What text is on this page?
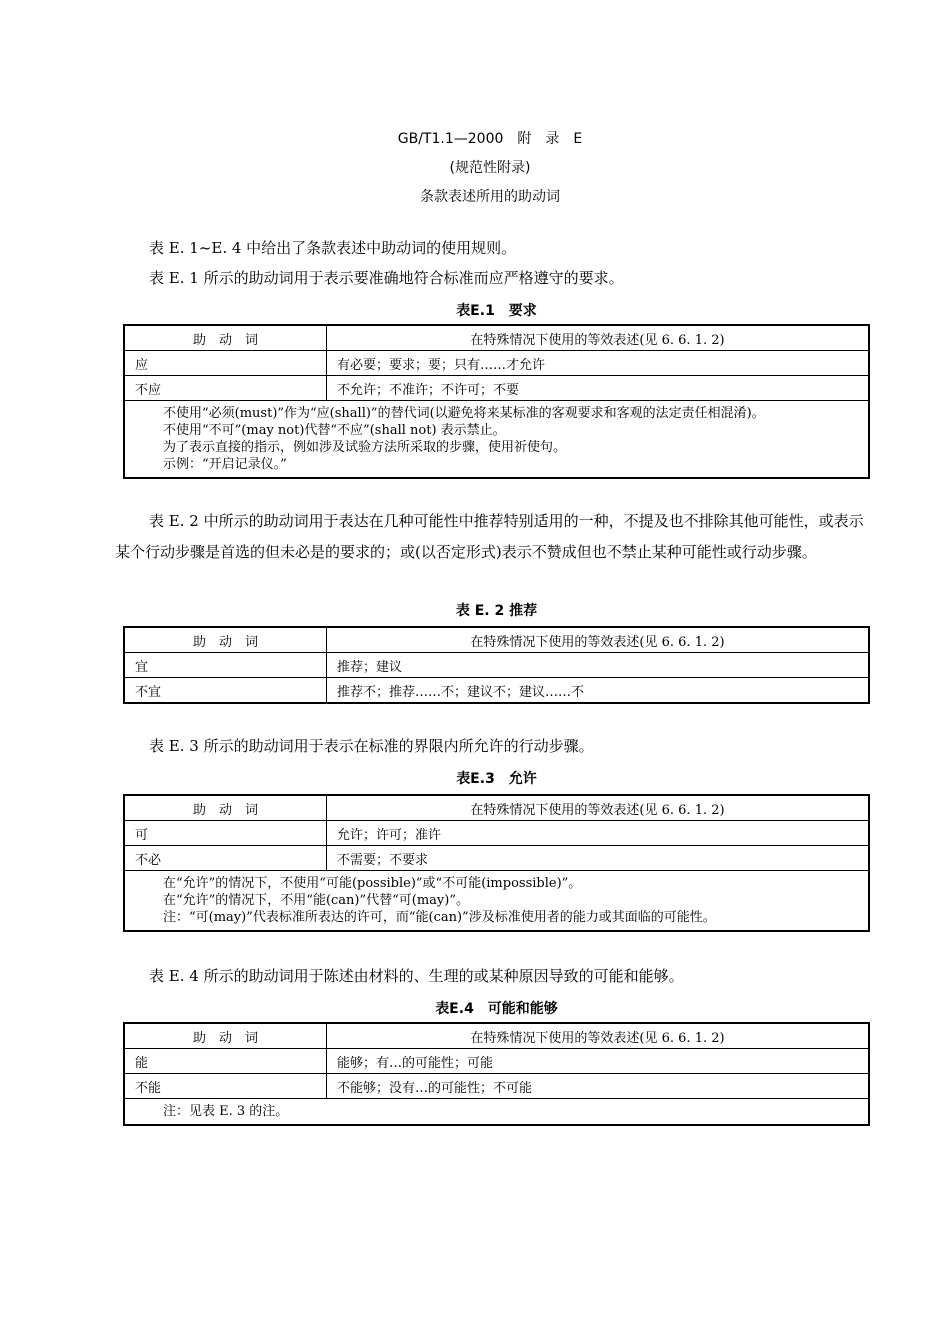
GB/T1.1—2000　附　录　E
(规范性附录)
条款表述所用的助动词

表 E. 1~E. 4 中给出了条款表述中助动词的使用规则。

表 E. 1 所示的助动词用于表示要准确地符合标准而应严格遵守的要求。

表E.1　要求
助　动　词	在特殊情况下使用的等效表述(见 6. 6. 1. 2)
应	有必要；要求；要；只有……才允许
不应	不允许；不准许；不许可；不要

不使用“必须(must)”作为“应(shall)”的替代词(以避免将来某标准的客观要求和客观的法定责任相混淆)。
不使用“不可”(may not)代替“不应”(shall not) 表示禁止。
为了表示直接的指示，例如涉及试验方法所采取的步骤，使用祈使句。
示例：“开启记录仪。”	

表 E. 2 中所示的助动词用于表达在几种可能性中推荐特别适用的一种，不提及也不排除其他可能性，或表示某个行动步骤是首选的但未必是的要求的；或(以否定形式)表示不赞成但也不禁止某种可能性或行动步骤。

表 E. 2 推荐
助　动　词	在特殊情况下使用的等效表述(见 6. 6. 1. 2)
宜	推荐；建议
不宜	推荐不；推荐……不；建议不；建议……不

表 E. 3 所示的助动词用于表示在标准的界限内所允许的行动步骤。

表E.3　允许
助　动　词	在特殊情况下使用的等效表述(见 6. 6. 1. 2)
可	允许；许可；准许
不必	不需要；不要求

在“允许”的情况下，不使用“可能(possible)”或“不可能(impossible)”。
在“允许”的情况下，不用“能(can)”代替“可(may)”。
注：“可(may)”代表标准所表达的许可，而“能(can)”涉及标准使用者的能力或其面临的可能性。	

表 E. 4 所示的助动词用于陈述由材料的、生理的或某种原因导致的可能和能够。

表E.4　可能和能够
助　动　词	在特殊情况下使用的等效表述(见 6. 6. 1. 2)
能	能够；有…的可能性；可能
不能	不能够；没有…的可能性；不可能

注：见表 E. 3 的注。	
